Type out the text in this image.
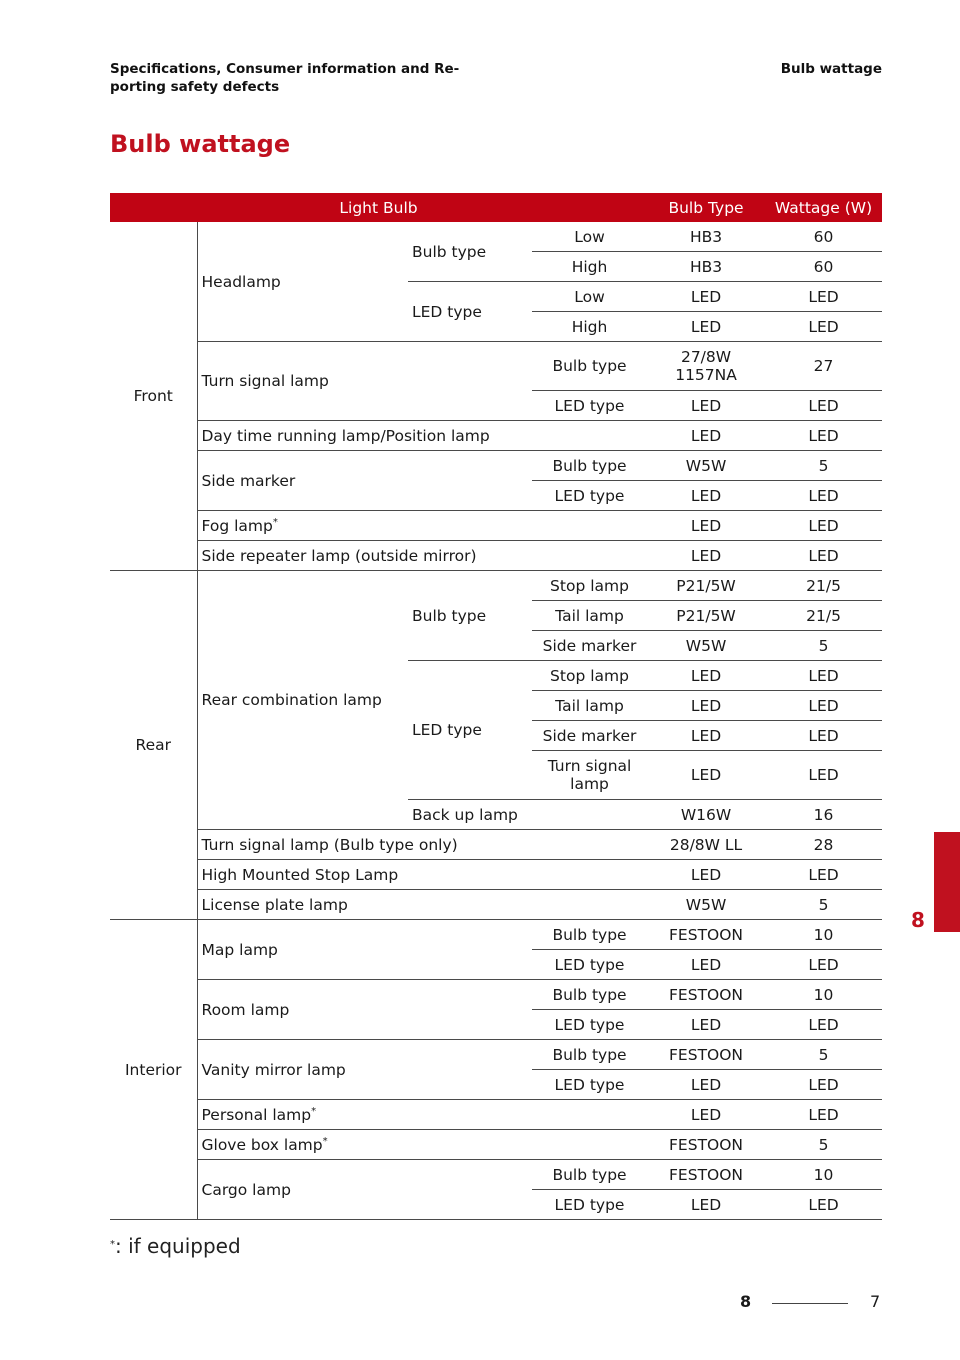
Specifications, Consumer information and Re- porting safety defects
Bulb wattage
Bulb wattage
Light Bulb				Bulb Type	Wattage (W)
Front	Headlamp	Bulb type	Low	HB3	60
			High	HB3	60
		LED type	Low	LED	LED
			High	LED	LED
	Turn signal lamp		Bulb type	27/8W 1157NA	27
			LED type	LED	LED
	Day time running lamp/Position lamp			LED	LED
	Side marker		Bulb type	W5W	5
			LED type	LED	LED
	Fog lamp*			LED	LED
	Side repeater lamp (outside mirror)			LED	LED
Rear	Rear combination lamp	Bulb type	Stop lamp	P21/5W	21/5
			Tail lamp	P21/5W	21/5
			Side marker	W5W	5
		LED type	Stop lamp	LED	LED
			Tail lamp	LED	LED
			Side marker	LED	LED
			Turn signal lamp	LED	LED
		Back up lamp		W16W	16
	Turn signal lamp (Bulb type only)			28/8W LL	28
	High Mounted Stop Lamp			LED	LED
	License plate lamp			W5W	5
Interior	Map lamp		Bulb type	FESTOON	10
			LED type	LED	LED
	Room lamp		Bulb type	FESTOON	10
			LED type	LED	LED
	Vanity mirror lamp		Bulb type	FESTOON	5
			LED type	LED	LED
	Personal lamp*			LED	LED
	Glove box lamp*			FESTOON	5
	Cargo lamp		Bulb type	FESTOON	10
			LED type	LED	LED
*: if equipped
8
8	7
